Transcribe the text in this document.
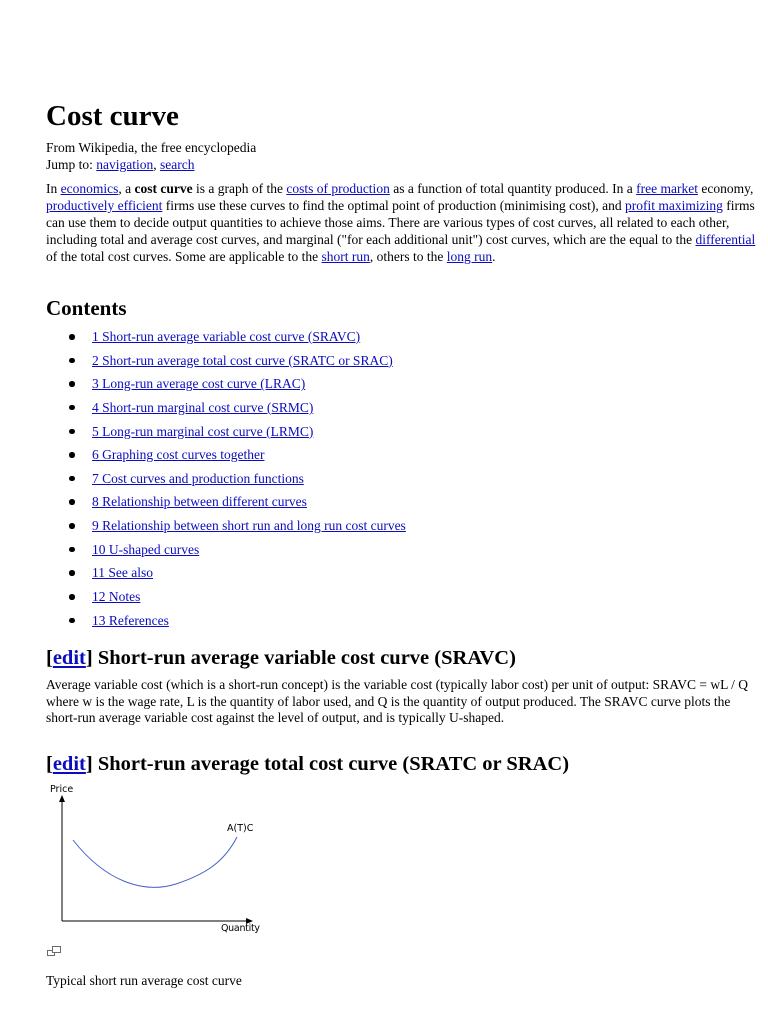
Cost curve
From Wikipedia, the free encyclopedia
Jump to: navigation, search

In economics, a cost curve is a graph of the costs of production as a function of total quantity produced. In a free market economy, productively efficient firms use these curves to find the optimal point of production (minimising cost), and profit maximizing firms can use them to decide output quantities to achieve those aims. There are various types of cost curves, all related to each other, including total and average cost curves, and marginal ("for each additional unit") cost curves, which are the equal to the differential of the total cost curves. Some are applicable to the short run, others to the long run.

Contents
1 Short-run average variable cost curve (SRAVC)
2 Short-run average total cost curve (SRATC or SRAC)
3 Long-run average cost curve (LRAC)
4 Short-run marginal cost curve (SRMC)
5 Long-run marginal cost curve (LRMC)
6 Graphing cost curves together
7 Cost curves and production functions
8 Relationship between different curves
9 Relationship between short run and long run cost curves
10 U-shaped curves
11 See also
12 Notes
13 References
[edit] Short-run average variable cost curve (SRAVC)

Average variable cost (which is a short-run concept) is the variable cost (typically labor cost) per unit of output: SRAVC = wL / Q where w is the wage rate, L is the quantity of labor used, and Q is the quantity of output produced. The SRAVC curve plots the short-run average variable cost against the level of output, and is typically U-shaped.

[edit] Short-run average total cost curve (SRATC or SRAC)
Price
A(T)C
Quantity
Typical short run average cost curve
